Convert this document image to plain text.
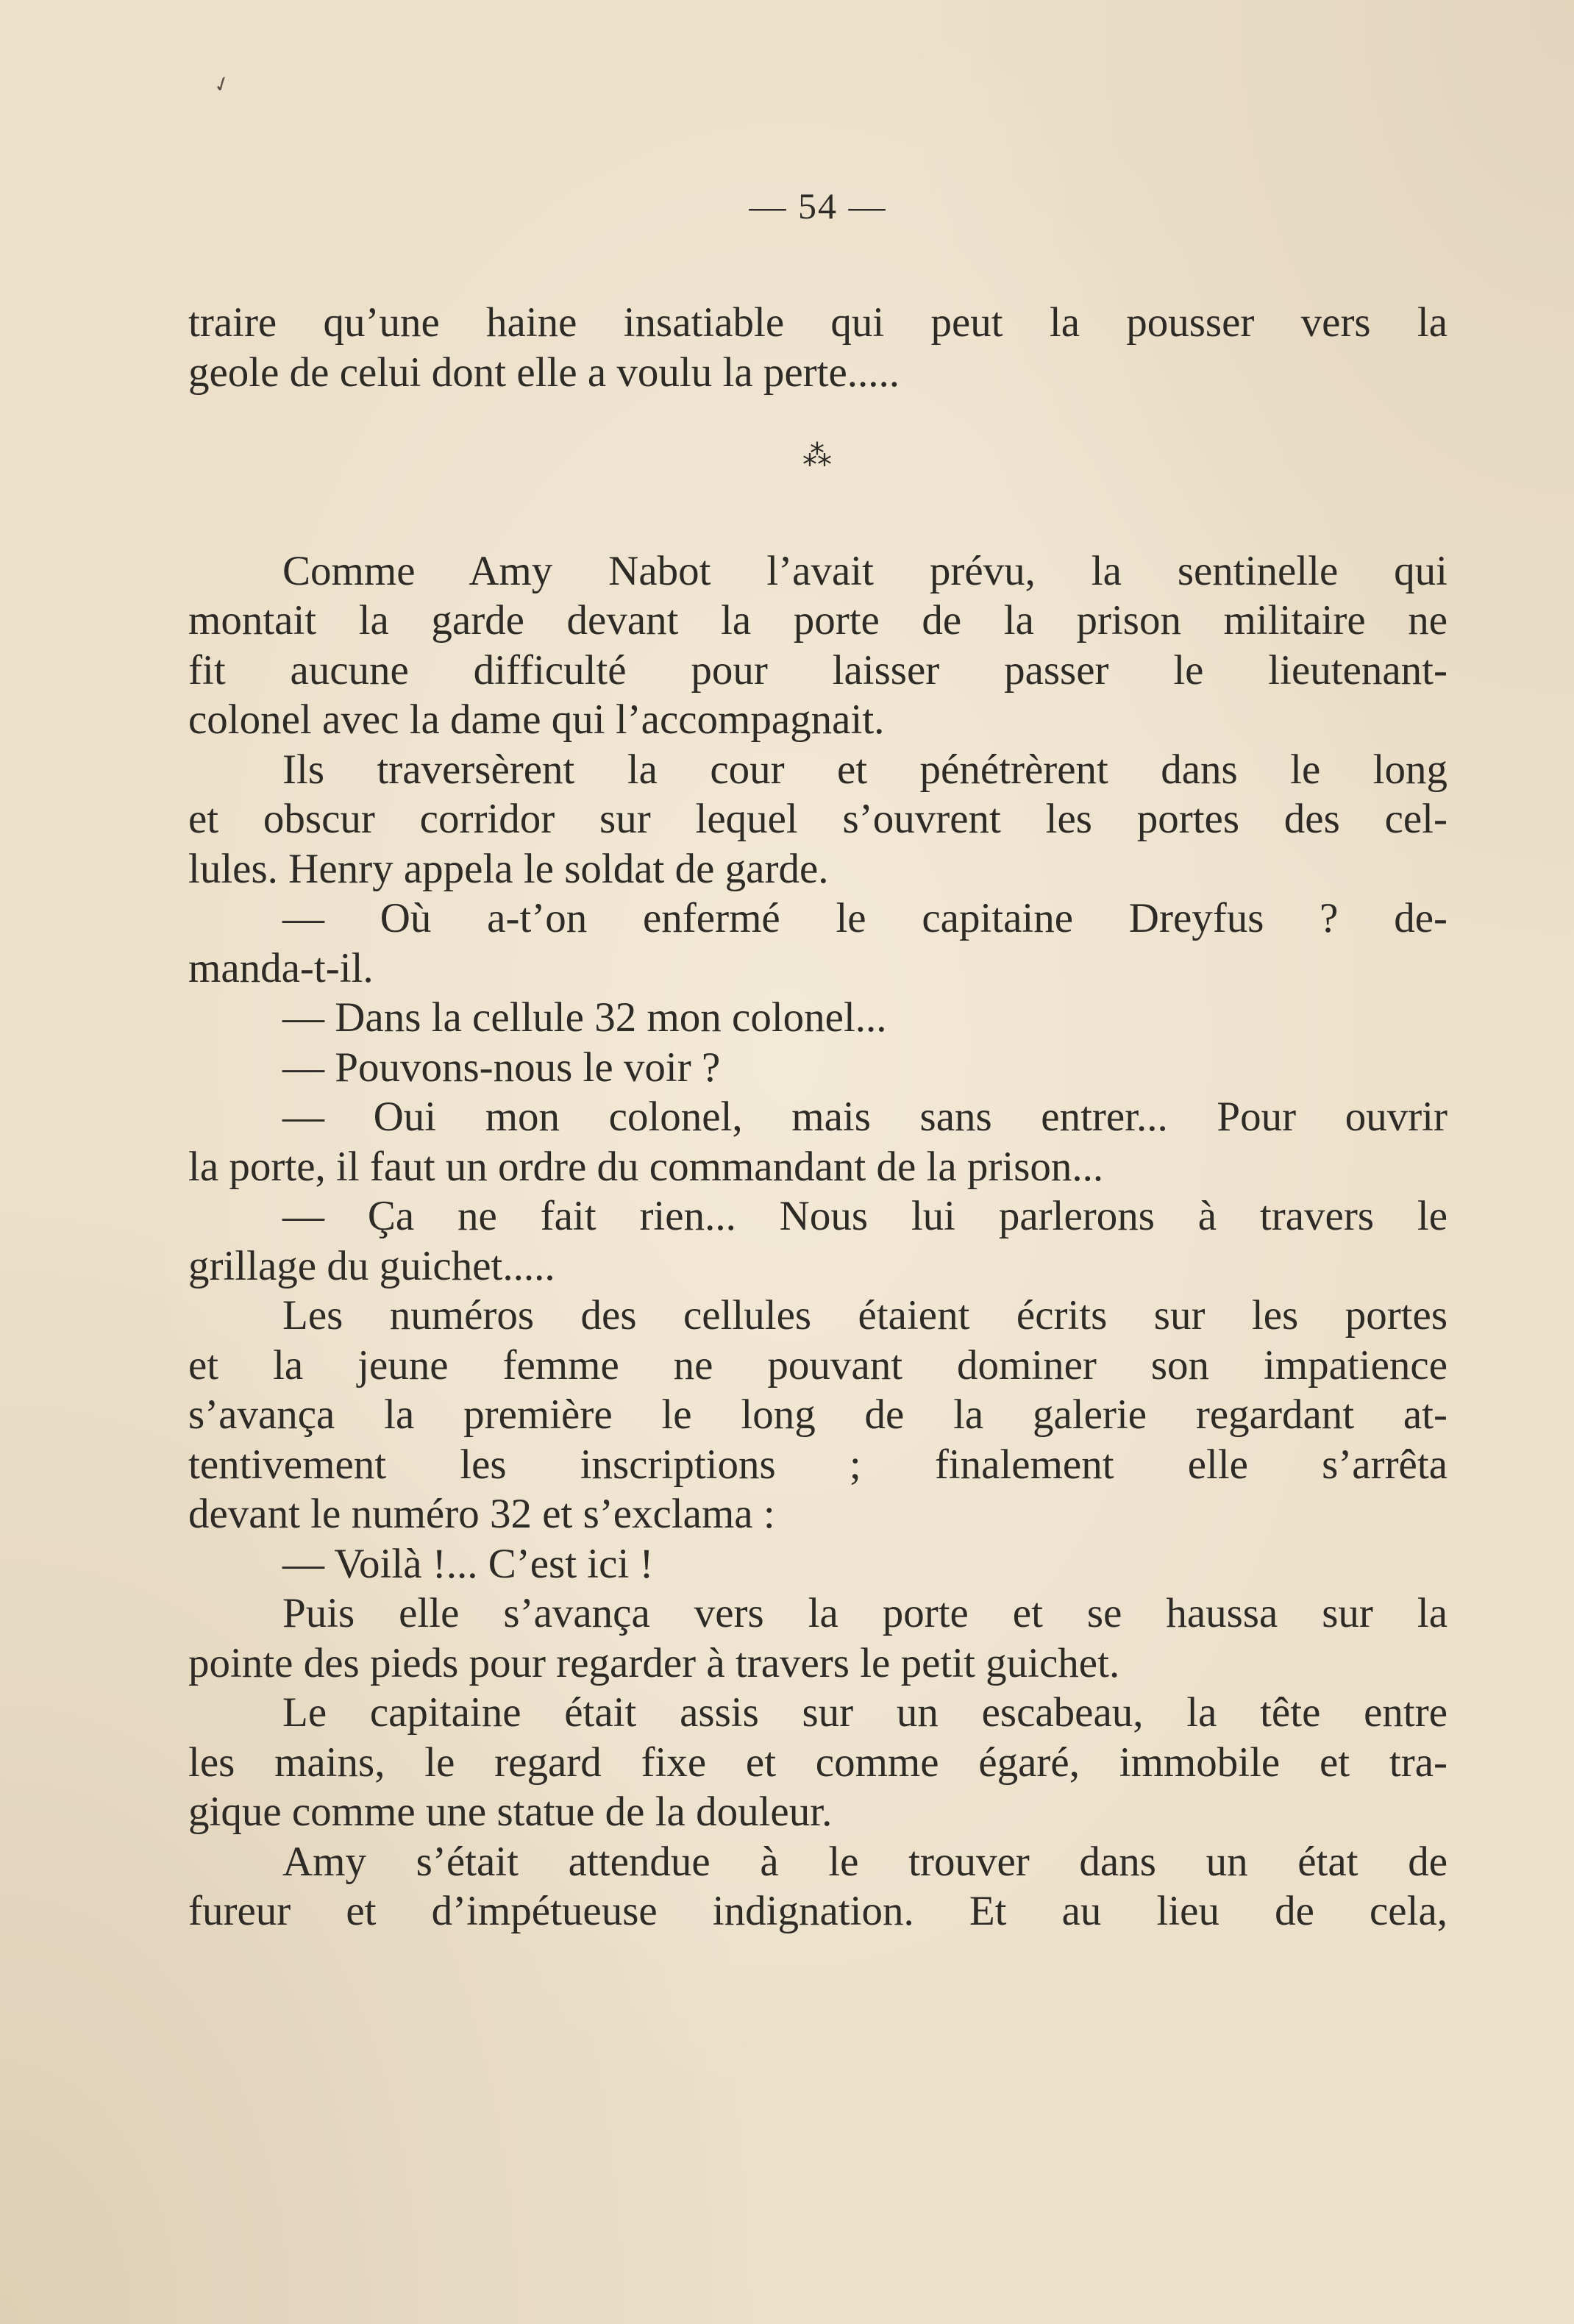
✓
— 54 —
traire qu’une haine insatiable qui peut la pousser vers la
geole de celui dont elle a voulu la perte.....
⁂
Comme Amy Nabot l’avait prévu, la sentinelle qui
montait la garde devant la porte de la prison militaire ne
fit aucune difficulté pour laisser passer le lieutenant-
colonel avec la dame qui l’accompagnait.
Ils traversèrent la cour et pénétrèrent dans le long
et obscur corridor sur lequel s’ouvrent les portes des cel-
lules. Henry appela le soldat de garde.
— Où a-t’on enfermé le capitaine Dreyfus ? de-
manda-t-il.
— Dans la cellule 32 mon colonel...
— Pouvons-nous le voir ?
— Oui mon colonel, mais sans entrer... Pour ouvrir
la porte, il faut un ordre du commandant de la prison...
— Ça ne fait rien... Nous lui parlerons à travers le
grillage du guichet.....
Les numéros des cellules étaient écrits sur les portes
et la jeune femme ne pouvant dominer son impatience
s’avança la première le long de la galerie regardant at-
tentivement les inscriptions ; finalement elle s’arrêta
devant le numéro 32 et s’exclama :
— Voilà !... C’est ici !
Puis elle s’avança vers la porte et se haussa sur la
pointe des pieds pour regarder à travers le petit guichet.
Le capitaine était assis sur un escabeau, la tête entre
les mains, le regard fixe et comme égaré, immobile et tra-
gique comme une statue de la douleur.
Amy s’était attendue à le trouver dans un état de
fureur et d’impétueuse indignation. Et au lieu de cela,
